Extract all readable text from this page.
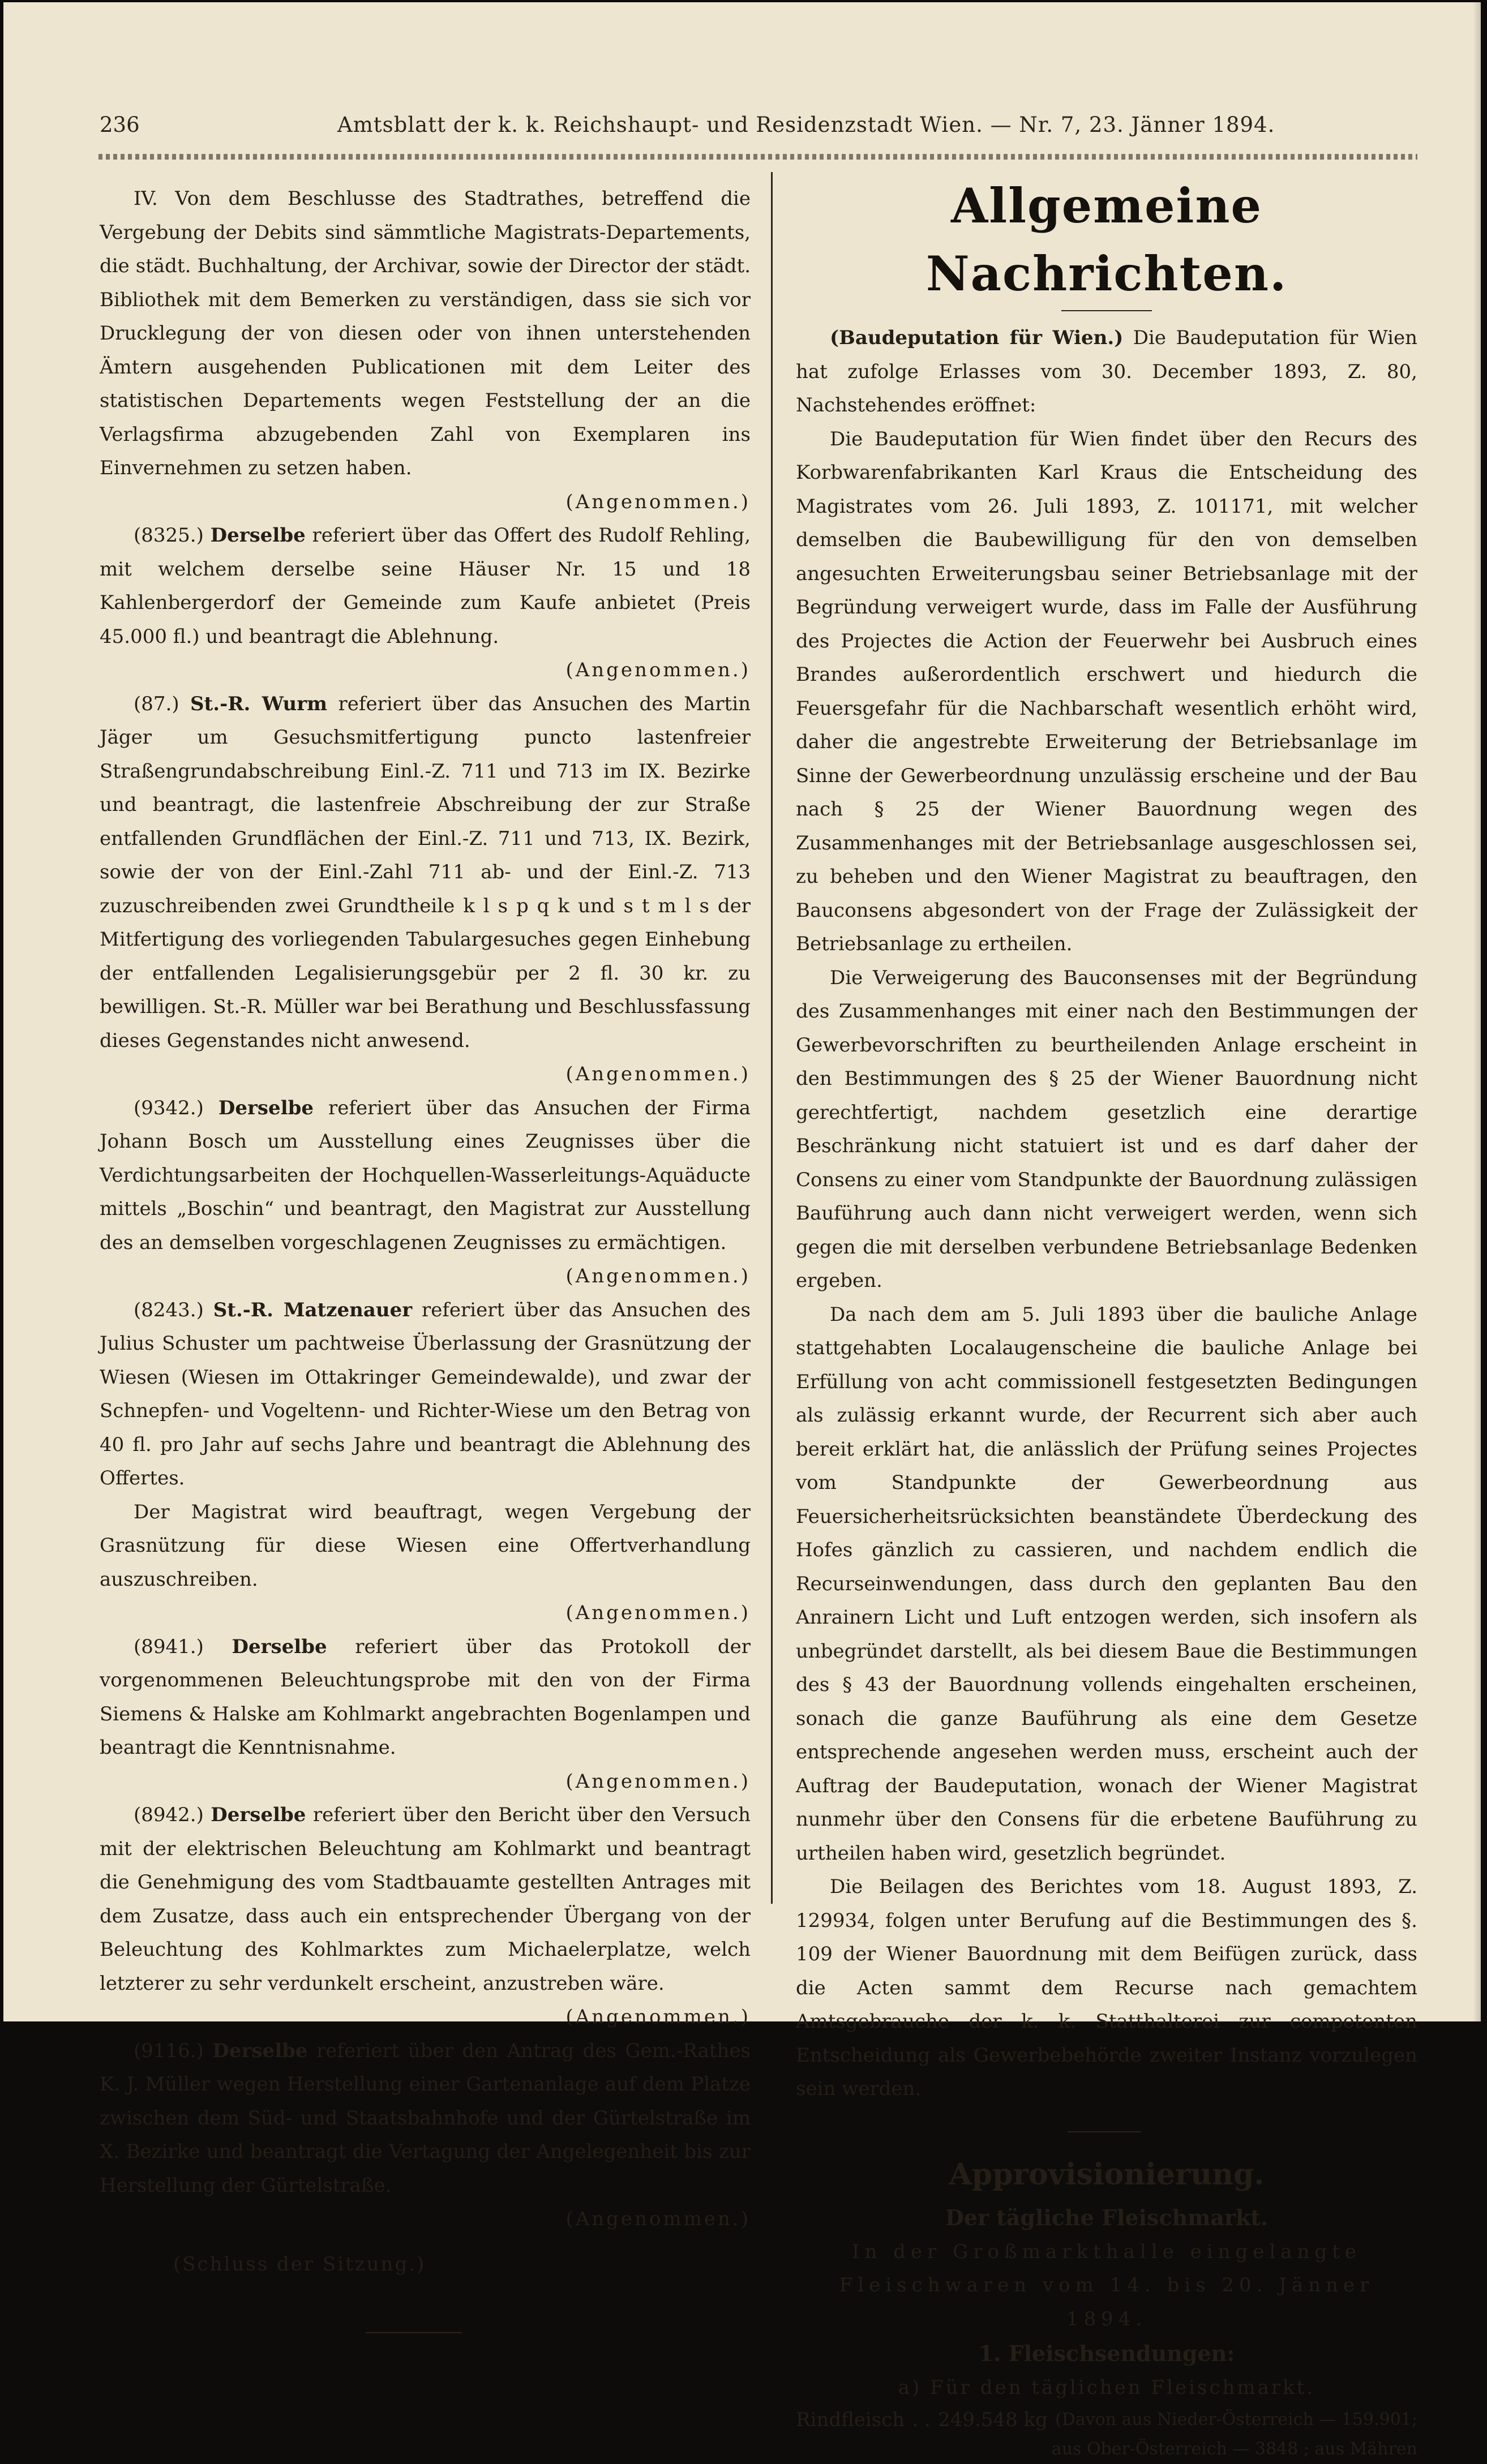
236	Amtsblatt der k. k. Reichshaupt- und Residenzstadt Wien. — Nr. 7, 23. Jänner 1894.

IV. Von dem Beschlusse des Stadtrathes, betreffend die Vergebung der Debits sind sämmtliche Magistrats-Departements, die städt. Buchhaltung, der Archivar, sowie der Director der städt. Bibliothek mit dem Bemerken zu verständigen, dass sie sich vor Drucklegung der von diesen oder von ihnen unterstehenden Ämtern ausgehenden Publicationen mit dem Leiter des statistischen Departements wegen Feststellung der an die Verlagsfirma abzugebenden Zahl von Exemplaren ins Einvernehmen zu setzen haben.
(Angenommen.)

(8325.) Derselbe referiert über das Offert des Rudolf Rehling, mit welchem derselbe seine Häuser Nr. 15 und 18 Kahlenbergerdorf der Gemeinde zum Kaufe anbietet (Preis 45.000 fl.) und beantragt die Ablehnung.
(Angenommen.)

(87.) St.-R. Wurm referiert über das Ansuchen des Martin Jäger um Gesuchsmitfertigung puncto lastenfreier Straßengrundabschreibung Einl.-Z. 711 und 713 im IX. Bezirke und beantragt, die lastenfreie Abschreibung der zur Straße entfallenden Grundflächen der Einl.-Z. 711 und 713, IX. Bezirk, sowie der von der Einl.-Zahl 711 ab- und der Einl.-Z. 713 zuzuschreibenden zwei Grundtheile k l s p q k und s t m l s der Mitfertigung des vorliegenden Tabulargesuches gegen Einhebung der entfallenden Legalisierungsgebür per 2 fl. 30 kr. zu bewilligen. St.-R. Müller war bei Berathung und Beschlussfassung dieses Gegenstandes nicht anwesend.
(Angenommen.)

(9342.) Derselbe referiert über das Ansuchen der Firma Johann Bosch um Ausstellung eines Zeugnisses über die Verdichtungsarbeiten der Hochquellen-Wasserleitungs-Aquäducte mittels „Boschin“ und beantragt, den Magistrat zur Ausstellung des an demselben vorgeschlagenen Zeugnisses zu ermächtigen.
(Angenommen.)

(8243.) St.-R. Matzenauer referiert über das Ansuchen des Julius Schuster um pachtweise Überlassung der Grasnützung der Wiesen (Wiesen im Ottakringer Gemeindewalde), und zwar der Schnepfen- und Vogeltenn- und Richter-Wiese um den Betrag von 40 fl. pro Jahr auf sechs Jahre und beantragt die Ablehnung des Offertes.

Der Magistrat wird beauftragt, wegen Vergebung der Grasnützung für diese Wiesen eine Offertverhandlung auszuschreiben.
(Angenommen.)

(8941.) Derselbe referiert über das Protokoll der vorgenommenen Beleuchtungsprobe mit den von der Firma Siemens & Halske am Kohlmarkt angebrachten Bogenlampen und beantragt die Kenntnisnahme.
(Angenommen.)

(8942.) Derselbe referiert über den Bericht über den Versuch mit der elektrischen Beleuchtung am Kohlmarkt und beantragt die Genehmigung des vom Stadtbauamte gestellten Antrages mit dem Zusatze, dass auch ein entsprechender Übergang von der Beleuchtung des Kohlmarktes zum Michaelerplatze, welch letzterer zu sehr verdunkelt erscheint, anzustreben wäre.
(Angenommen.)

(9116.) Derselbe referiert über den Antrag des Gem.-Rathes K. J. Müller wegen Herstellung einer Gartenanlage auf dem Platze zwischen dem Süd- und Staatsbahnhofe und der Gürtelstraße im X. Bezirke und beantragt die Vertagung der Angelegenheit bis zur Herstellung der Gürtelstraße.
(Angenommen.)

(Schluss der Sitzung.)

Allgemeine Nachrichten.

(Baudeputation für Wien.) Die Baudeputation für Wien hat zufolge Erlasses vom 30. December 1893, Z. 80, Nachstehendes eröffnet:

Die Baudeputation für Wien findet über den Recurs des Korbwarenfabrikanten Karl Kraus die Entscheidung des Magistrates vom 26. Juli 1893, Z. 101171, mit welcher demselben die Baubewilligung für den von demselben angesuchten Erweiterungsbau seiner Betriebsanlage mit der Begründung verweigert wurde, dass im Falle der Ausführung des Projectes die Action der Feuerwehr bei Ausbruch eines Brandes außerordentlich erschwert und hiedurch die Feuersgefahr für die Nachbarschaft wesentlich erhöht wird, daher die angestrebte Erweiterung der Betriebsanlage im Sinne der Gewerbeordnung unzulässig erscheine und der Bau nach § 25 der Wiener Bauordnung wegen des Zusammenhanges mit der Betriebsanlage ausgeschlossen sei, zu beheben und den Wiener Magistrat zu beauftragen, den Bauconsens abgesondert von der Frage der Zulässigkeit der Betriebsanlage zu ertheilen.

Die Verweigerung des Bauconsenses mit der Begründung des Zusammenhanges mit einer nach den Bestimmungen der Gewerbevorschriften zu beurtheilenden Anlage erscheint in den Bestimmungen des § 25 der Wiener Bauordnung nicht gerechtfertigt, nachdem gesetzlich eine derartige Beschränkung nicht statuiert ist und es darf daher der Consens zu einer vom Standpunkte der Bauordnung zulässigen Bauführung auch dann nicht verweigert werden, wenn sich gegen die mit derselben verbundene Betriebsanlage Bedenken ergeben.

Da nach dem am 5. Juli 1893 über die bauliche Anlage stattgehabten Localaugenscheine die bauliche Anlage bei Erfüllung von acht commissionell festgesetzten Bedingungen als zulässig erkannt wurde, der Recurrent sich aber auch bereit erklärt hat, die anlässlich der Prüfung seines Projectes vom Standpunkte der Gewerbeordnung aus Feuersicherheitsrücksichten beanständete Überdeckung des Hofes gänzlich zu cassieren, und nachdem endlich die Recurseinwendungen, dass durch den geplanten Bau den Anrainern Licht und Luft entzogen werden, sich insofern als unbegründet darstellt, als bei diesem Baue die Bestimmungen des § 43 der Bauordnung vollends eingehalten erscheinen, sonach die ganze Bauführung als eine dem Gesetze entsprechende angesehen werden muss, erscheint auch der Auftrag der Baudeputation, wonach der Wiener Magistrat nunmehr über den Consens für die erbetene Bauführung zu urtheilen haben wird, gesetzlich begründet.

Die Beilagen des Berichtes vom 18. August 1893, Z. 129934, folgen unter Berufung auf die Bestimmungen des §. 109 der Wiener Bauordnung mit dem Beifügen zurück, dass die Acten sammt dem Recurse nach gemachtem Amtsgebrauche der k. k. Statthalterei zur competenten Entscheidung als Gewerbebehörde zweiter Instanz vorzulegen sein werden.

Approvisionierung.
Der tägliche Fleischmarkt.

In der Großmarkthalle eingelangte Fleischwaren vom 14. bis 20. Jänner 1894.

1. Fleischsendungen:

a) Für den täglichen Fleischmarkt.

Rindfleisch . . 249.548 kg (Davon aus Nieder-Österreich — 159.901;
aus Ober-Österreich — 3848 ; aus Mähren
